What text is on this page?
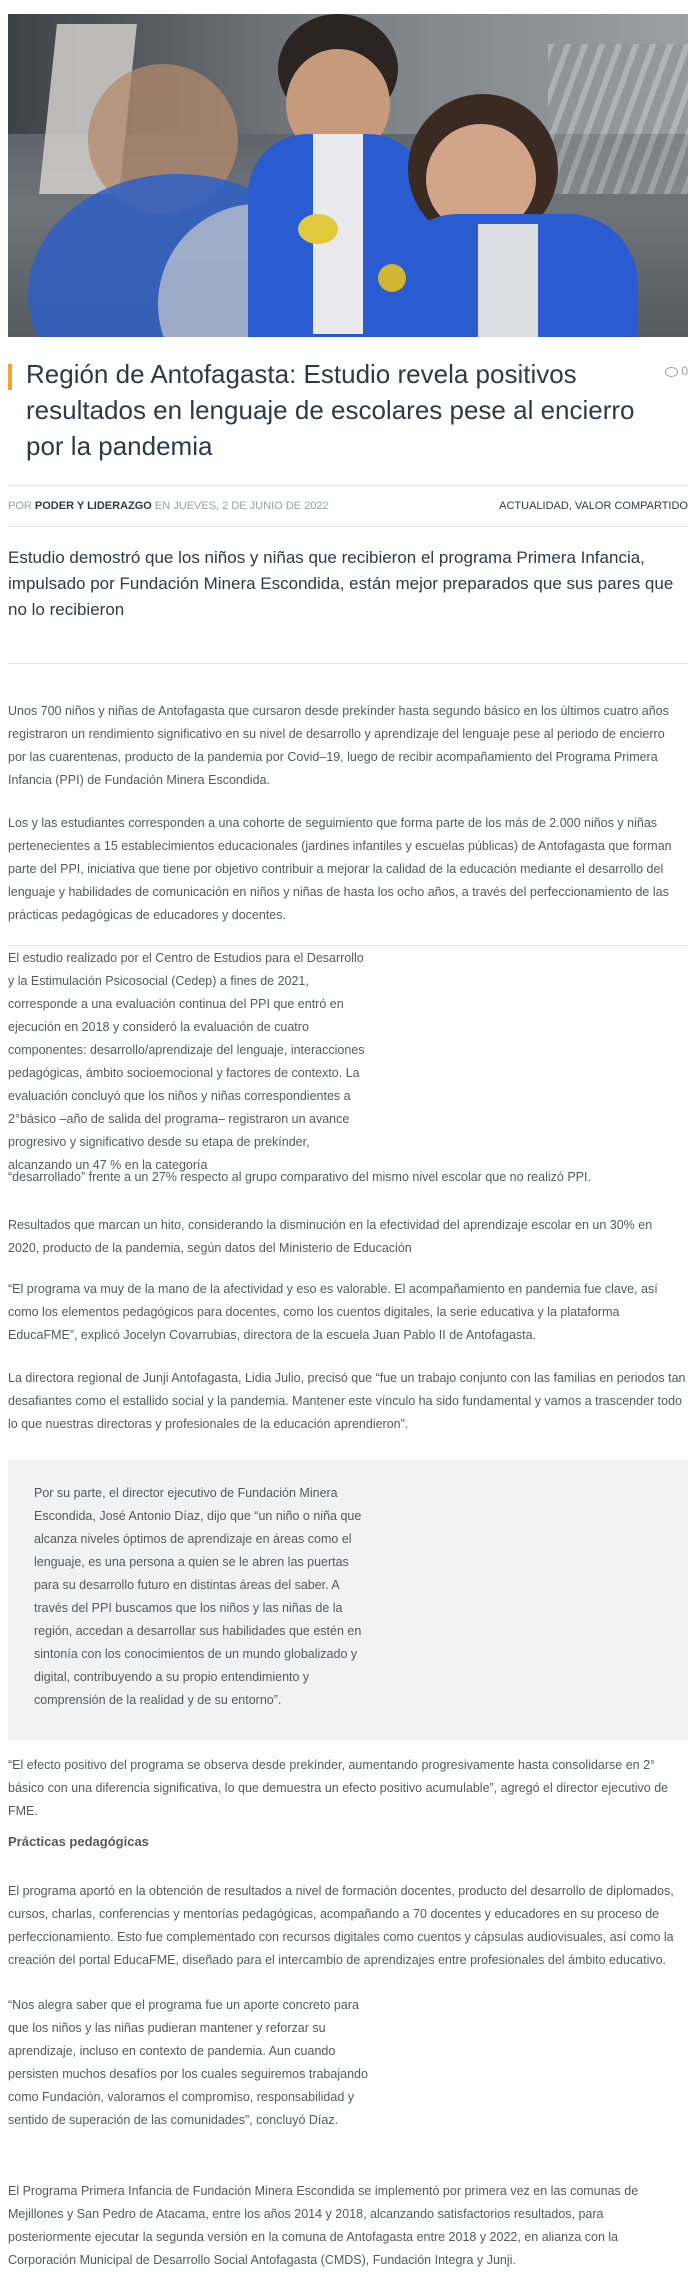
Región de Antofagasta: Estudio revela positivos resultados en lenguaje de escolares pese al encierro por la pandemia
0
POR PODER Y LIDERAZGO EN JUEVES, 2 DE JUNIO DE 2022	ACTUALIDAD, VALOR COMPARTIDO
Estudio demostró que los niños y niñas que recibieron el programa Primera Infancia, impulsado por Fundación Minera Escondida, están mejor preparados que sus pares que no lo recibieron

Unos 700 niños y niñas de Antofagasta que cursaron desde prekínder hasta segundo básico en los últimos cuatro años registraron un rendimiento significativo en su nivel de desarrollo y aprendizaje del lenguaje pese al periodo de encierro por las cuarentenas, producto de la pandemia por Covid–19, luego de recibir acompañamiento del Programa Primera Infancia (PPI) de Fundación Minera Escondida.

Los y las estudiantes corresponden a una cohorte de seguimiento que forma parte de los más de 2.000 niños y niñas pertenecientes a 15 establecimientos educacionales (jardines infantiles y escuelas públicas) de Antofagasta que forman parte del PPI, iniciativa que tiene por objetivo contribuir a mejorar la calidad de la educación mediante el desarrollo del lenguaje y habilidades de comunicación en niños y niñas de hasta los ocho años, a través del perfeccionamiento de las prácticas pedagógicas de educadores y docentes.

El estudio realizado por el Centro de Estudios para el Desarrollo y la Estimulación Psicosocial (Cedep) a fines de 2021, corresponde a una evaluación continua del PPI que entró en ejecución en 2018 y consideró la evaluación de cuatro componentes: desarrollo/aprendizaje del lenguaje, interacciones pedagógicas, ámbito socioemocional y factores de contexto. La evaluación concluyó que los niños y niñas correspondientes a 2°básico –año de salida del programa– registraron un avance progresivo y significativo desde su etapa de prekínder, alcanzando un 47 % en la categoría

“desarrollado” frente a un 27% respecto al grupo comparativo del mismo nivel escolar que no realizó PPI.

Resultados que marcan un hito, considerando la disminución en la efectividad del aprendizaje escolar en un 30% en 2020, producto de la pandemia, según datos del Ministerio de Educación

“El programa va muy de la mano de la afectividad y eso es valorable. El acompañamiento en pandemia fue clave, así como los elementos pedagógicos para docentes, como los cuentos digitales, la serie educativa y la plataforma EducaFME”, explicó Jocelyn Covarrubias, directora de la escuela Juan Pablo II de Antofagasta.

La directora regional de Junji Antofagasta, Lidia Julio, precisó que “fue un trabajo conjunto con las familias en periodos tan desafiantes como el estallido social y la pandemia. Mantener este vínculo ha sido fundamental y vamos a trascender todo lo que nuestras directoras y profesionales de la educación aprendieron”.

Por su parte, el director ejecutivo de Fundación Minera Escondida, José Antonio Díaz, dijo que “un niño o niña que alcanza niveles óptimos de aprendizaje en áreas como el lenguaje, es una persona a quien se le abren las puertas para su desarrollo futuro en distintas áreas del saber. A través del PPI buscamos que los niños y las niñas de la región, accedan a desarrollar sus habilidades que estén en sintonía con los conocimientos de un mundo globalizado y digital, contribuyendo a su propio entendimiento y comprensión de la realidad y de su entorno”.

“El efecto positivo del programa se observa desde prekínder, aumentando progresivamente hasta consolidarse en 2° básico con una diferencia significativa, lo que demuestra un efecto positivo acumulable”, agregó el director ejecutivo de FME.

Prácticas pedagógicas

El programa aportó en la obtención de resultados a nivel de formación docentes, producto del desarrollo de diplomados, cursos, charlas, conferencias y mentorías pedagógicas, acompañando a 70 docentes y educadores en su proceso de perfeccionamiento. Esto fue complementado con recursos digitales como cuentos y cápsulas audiovisuales, así como la creación del portal EducaFME, diseñado para el intercambio de aprendizajes entre profesionales del ámbito educativo.

“Nos alegra saber que el programa fue un aporte concreto para que los niños y las niñas pudieran mantener y reforzar su aprendizaje, incluso en contexto de pandemia. Aun cuando persisten muchos desafíos por los cuales seguiremos trabajando como Fundación, valoramos el compromiso, responsabilidad y sentido de superación de las comunidades”, concluyó Díaz.

El Programa Primera Infancia de Fundación Minera Escondida se implementó por primera vez en las comunas de Mejillones y San Pedro de Atacama, entre los años 2014 y 2018, alcanzando satisfactorios resultados, para posteriormente ejecutar la segunda versión en la comuna de Antofagasta entre 2018 y 2022, en alianza con la Corporación Municipal de Desarrollo Social Antofagasta (CMDS), Fundación Integra y Junji.
